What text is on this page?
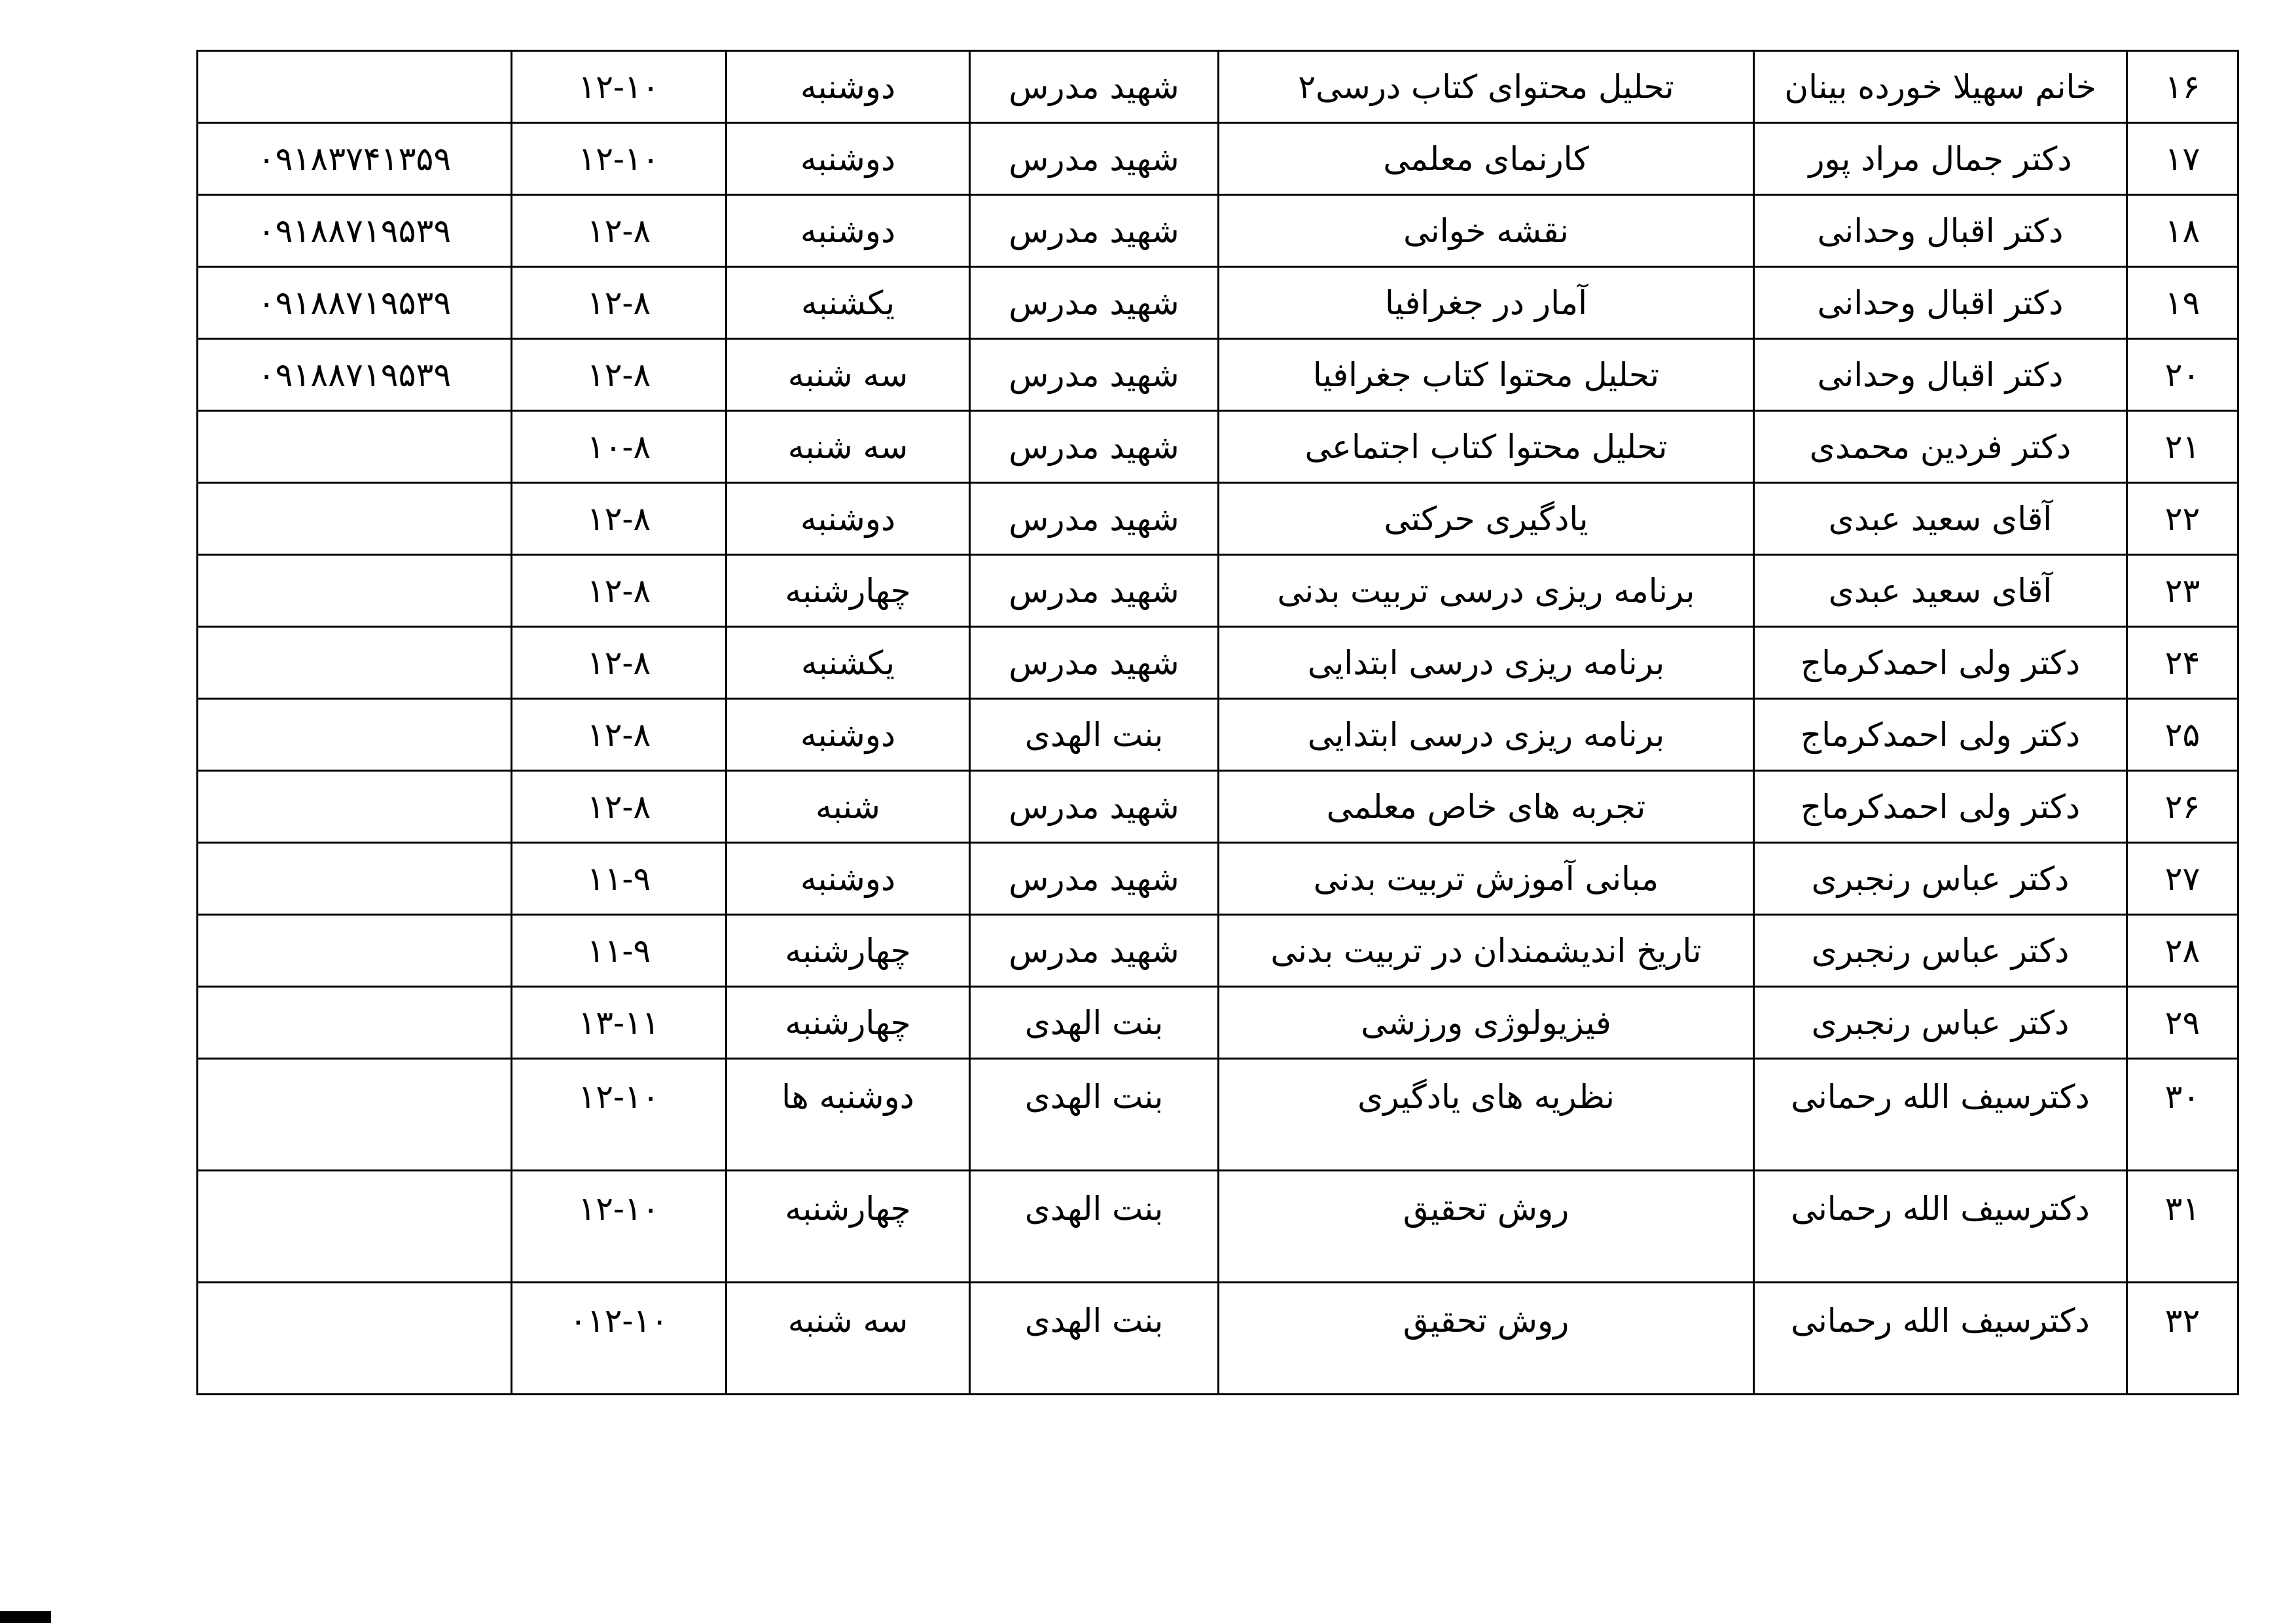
۱۶	خانم سهیلا خورده بینان	تحلیل محتوای کتاب درسی۲	شهید مدرس	دوشنبه	۱۲-۱۰	
۱۷	دکتر جمال مراد پور	کارنمای معلمی	شهید مدرس	دوشنبه	۱۲-۱۰	۰۹۱۸۳۷۴۱۳۵۹
۱۸	دکتر اقبال وحدانی	نقشه خوانی	شهید مدرس	دوشنبه	۱۲-۸	۰۹۱۸۸۷۱۹۵۳۹
۱۹	دکتر اقبال وحدانی	آمار در جغرافیا	شهید مدرس	یکشنبه	۱۲-۸	۰۹۱۸۸۷۱۹۵۳۹
۲۰	دکتر اقبال وحدانی	تحلیل محتوا کتاب جغرافیا	شهید مدرس	سه شنبه	۱۲-۸	۰۹۱۸۸۷۱۹۵۳۹
۲۱	دکتر فردین محمدی	تحلیل محتوا کتاب اجتماعی	شهید مدرس	سه شنبه	۱۰-۸	
۲۲	آقای سعید عبدی	یادگیری حرکتی	شهید مدرس	دوشنبه	۱۲-۸	
۲۳	آقای سعید عبدی	برنامه ریزی درسی تربیت بدنی	شهید مدرس	چهارشنبه	۱۲-۸	
۲۴	دکتر ولی احمدکرماج	برنامه ریزی درسی ابتدایی	شهید مدرس	یکشنبه	۱۲-۸	
۲۵	دکتر ولی احمدکرماج	برنامه ریزی درسی ابتدایی	بنت الهدی	دوشنبه	۱۲-۸	
۲۶	دکتر ولی احمدکرماج	تجربه های خاص معلمی	شهید مدرس	شنبه	۱۲-۸	
۲۷	دکتر عباس رنجبری	مبانی آموزش تربیت بدنی	شهید مدرس	دوشنبه	۱۱-۹	
۲۸	دکتر عباس رنجبری	تاریخ اندیشمندان در تربیت بدنی	شهید مدرس	چهارشنبه	۱۱-۹	
۲۹	دکتر عباس رنجبری	فیزیولوژی ورزشی	بنت الهدی	چهارشنبه	۱۳-۱۱	
۳۰	دکترسیف الله رحمانی	نظریه های یادگیری	بنت الهدی	دوشنبه ها	۱۲-۱۰	
۳۱	دکترسیف الله رحمانی	روش تحقیق	بنت الهدی	چهارشنبه	۱۲-۱۰	
۳۲	دکترسیف الله رحمانی	روش تحقیق	بنت الهدی	سه شنبه	۰۱۲-۱۰	
